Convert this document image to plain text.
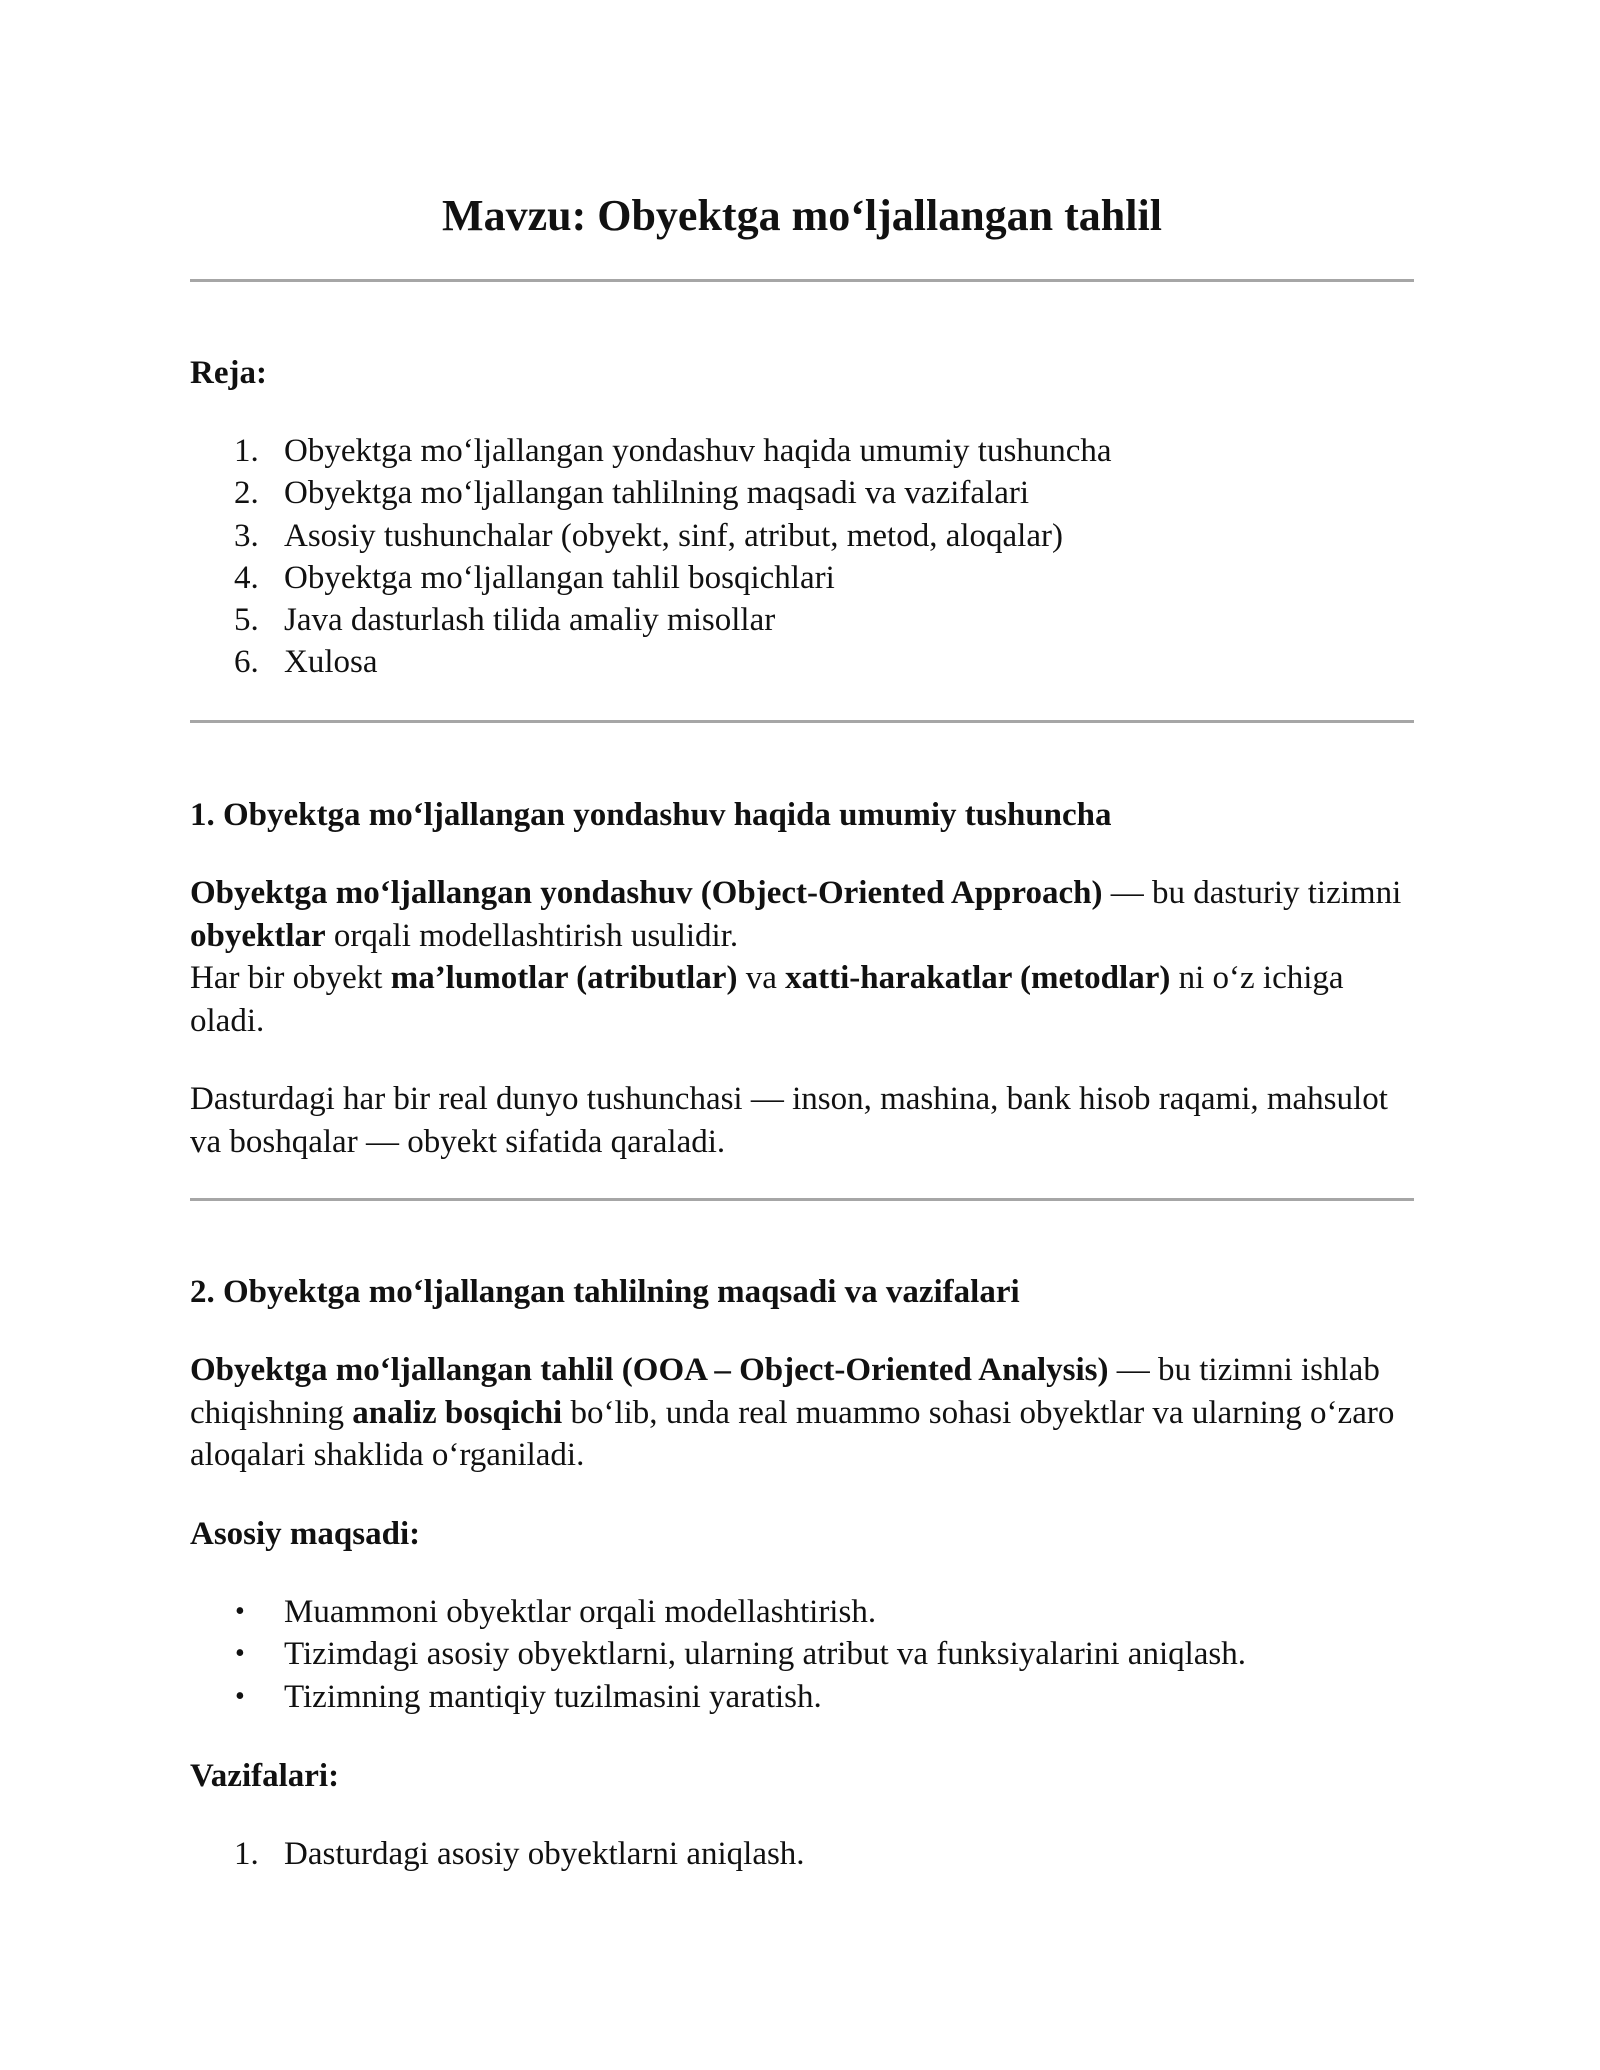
Mavzu: Obyektga mo‘ljallangan tahlil
Reja:
1. Obyektga mo‘ljallangan yondashuv haqida umumiy tushuncha
2. Obyektga mo‘ljallangan tahlilning maqsadi va vazifalari
3. Asosiy tushunchalar (obyekt, sinf, atribut, metod, aloqalar)
4. Obyektga mo‘ljallangan tahlil bosqichlari
5. Java dasturlash tilida amaliy misollar
6. Xulosa
1. Obyektga mo‘ljallangan yondashuv haqida umumiy tushuncha

Obyektga mo‘ljallangan yondashuv (Object-Oriented Approach) — bu dasturiy tizimni obyektlar orqali modellashtirish usulidir.
Har bir obyekt ma’lumotlar (atributlar) va xatti-harakatlar (metodlar) ni o‘z ichiga oladi.

Dasturdagi har bir real dunyo tushunchasi — inson, mashina, bank hisob raqami, mahsulot va boshqalar — obyekt sifatida qaraladi.

2. Obyektga mo‘ljallangan tahlilning maqsadi va vazifalari

Obyektga mo‘ljallangan tahlil (OOA – Object-Oriented Analysis) — bu tizimni ishlab chiqishning analiz bosqichi bo‘lib, unda real muammo sohasi obyektlar va ularning o‘zaro aloqalari shaklida o‘rganiladi.

Asosiy maqsadi:
• Muammoni obyektlar orqali modellashtirish.
• Tizimdagi asosiy obyektlarni, ularning atribut va funksiyalarini aniqlash.
• Tizimning mantiqiy tuzilmasini yaratish.
Vazifalari:
1. Dasturdagi asosiy obyektlarni aniqlash.
